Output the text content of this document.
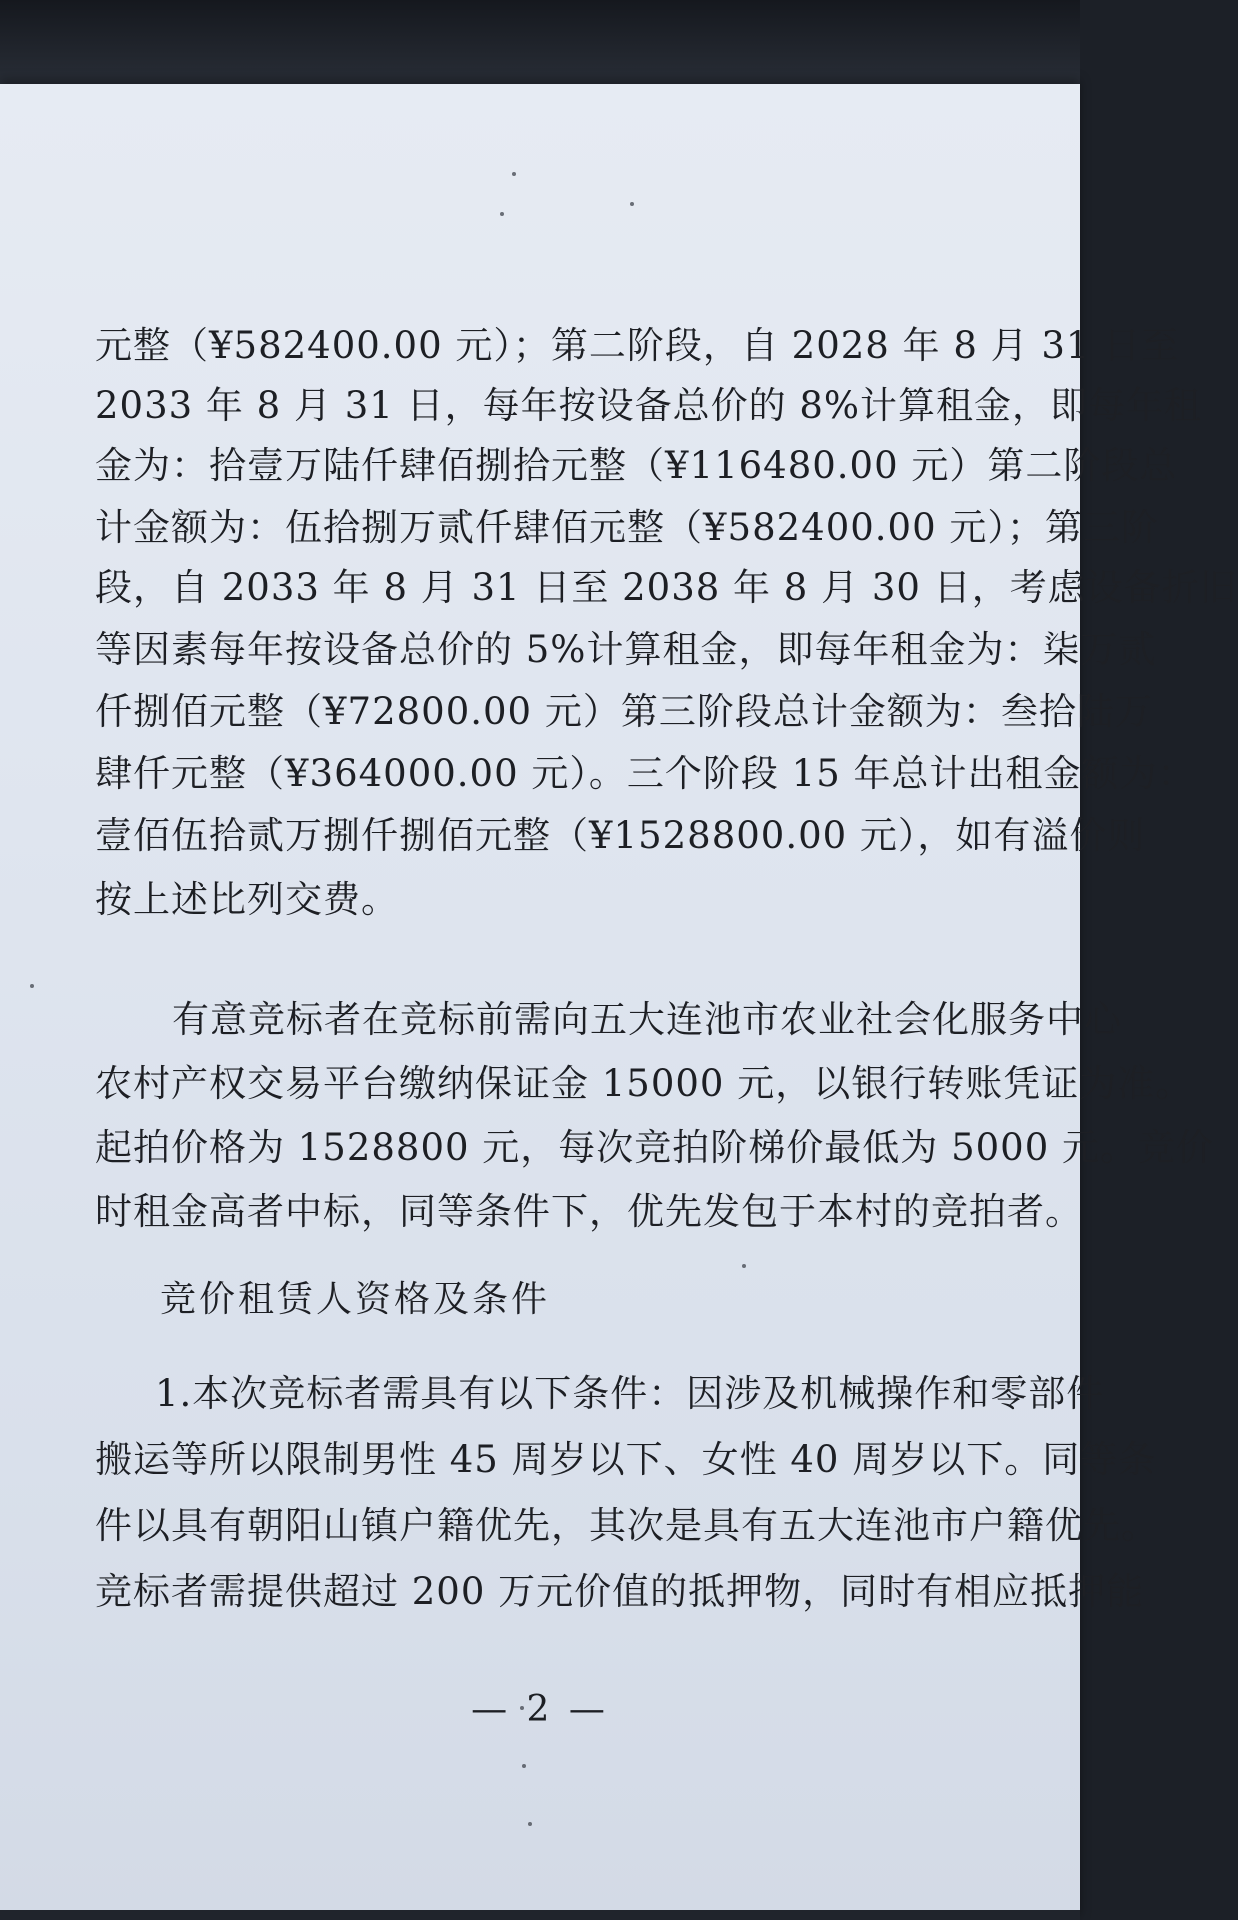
元整（¥582400.00 元）；第二阶段，自 2028 年 8 月 31 日至
2033 年 8 月 31 日，每年按设备总价的 8%计算租金，即每年租
金为：拾壹万陆仟肆佰捌拾元整（¥116480.00 元）第二阶段总
计金额为：伍拾捌万贰仟肆佰元整（¥582400.00 元）；第三阶
段，自 2033 年 8 月 31 日至 2038 年 8 月 30 日，考虑设备折旧
等因素每年按设备总价的 5%计算租金，即每年租金为：柒万贰
仟捌佰元整（¥72800.00 元）第三阶段总计金额为：叁拾陆万
肆仟元整（¥364000.00 元）。三个阶段 15 年总计出租金额为：
壹佰伍拾贰万捌仟捌佰元整（¥1528800.00 元），如有溢价则
按上述比列交费。
有意竞标者在竞标前需向五大连池市农业社会化服务中心
农村产权交易平台缴纳保证金 15000 元，以银行转账凭证为准。
起拍价格为 1528800 元，每次竞拍阶梯价最低为 5000 元。竞价
时租金高者中标，同等条件下，优先发包于本村的竞拍者。
竞价租赁人资格及条件
1.本次竞标者需具有以下条件：因涉及机械操作和零部件
搬运等所以限制男性 45 周岁以下、女性 40 周岁以下。同等条
件以具有朝阳山镇户籍优先，其次是具有五大连池市户籍优先。
竞标者需提供超过 200 万元价值的抵押物，同时有相应抵押能
— 2 —
